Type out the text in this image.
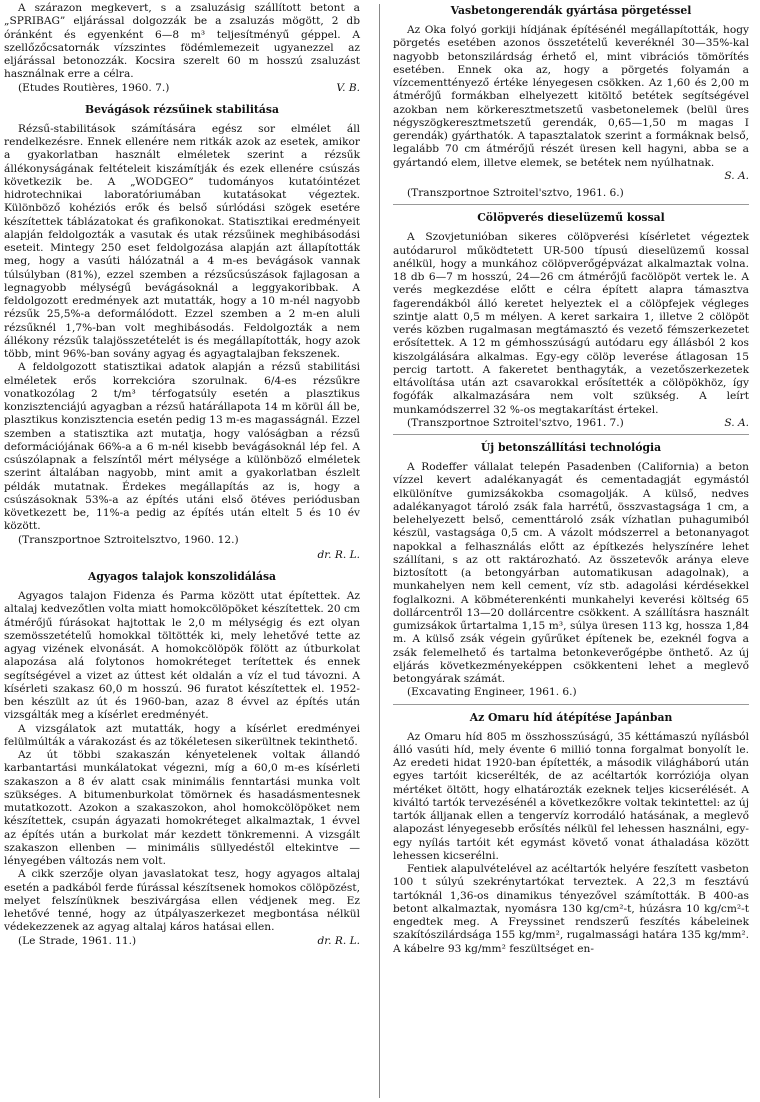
A szárazon megkevert, s a zsaluzásig szállított betont a „SPRIBAG” eljárással dolgozzák be a zsaluzás mögött, 2 db óránként és egyenként 6—8 m³ teljesítményű géppel. A szellőzőcsatornák vízszintes födémlemezeit ugyanezzel az eljárással betonozzák. Kocsira szerelt 60 m hosszú zsaluzást használnak erre a célra.

(Etudes Routières, 1960. 7.)	V. B.
Bevágások rézsűinek stabilitása

Rézsű-stabilitások számítására egész sor elmélet áll rendelkezésre. Ennek ellenére nem ritkák azok az esetek, amikor a gyakorlatban használt elméletek szerint a rézsűk állékonyságának feltételeit kiszámítják és ezek ellenére csúszás következik be. A „WODGEO” tudományos kutatóintézet hidrotechnikai laboratóriumában kutatásokat végeztek. Különböző kohéziós erők és belső súrlódási szögek esetére készítettek táblázatokat és grafikonokat. Statisztikai eredményeit alapján feldolgozták a vasutak és utak rézsűinek meghibásodási eseteit. Mintegy 250 eset feldolgozása alapján azt állapították meg, hogy a vasúti hálózatnál a 4 m-es bevágások vannak túlsúlyban (81%), ezzel szemben a rézsűcsúszások fajlagosan a legnagyobb mélységű bevágásoknál a leggyakoribbak. A feldolgozott eredmények azt mutatták, hogy a 10 m-nél nagyobb rézsűk 25,5%-a deformálódott. Ezzel szemben a 2 m-en aluli rézsűknél 1,7%-ban volt meghibásodás. Feldolgozták a nem állékony rézsűk talajösszetételét is és megállapították, hogy azok több, mint 96%-ban sovány agyag és agyagtalajban fekszenek.

A feldolgozott statisztikai adatok alapján a rézsű stabilitási elméletek erős korrekcióra szorulnak. 6/4-es rézsűkre vonatkozólag 2 t/m³ térfogatsúly esetén a plasztikus konzisztenciájú agyagban a rézsű határállapota 14 m körül áll be, plasztikus konzisztencia esetén pedig 13 m-es magasságnál. Ezzel szemben a statisztika azt mutatja, hogy valóságban a rézsű deformációjának 66%-a a 6 m-nél kisebb bevágásoknál lép fel. A csúszólapnak a felszíntől mért mélysége a különböző elméletek szerint általában nagyobb, mint amit a gyakorlatban észlelt példák mutatnak. Érdekes megállapítás az is, hogy a csúszásoknak 53%-a az építés utáni első ötéves periódusban következett be, 11%-a pedig az építés után eltelt 5 és 10 év között.

(Transzportnoe Sztroitelsztvo, 1960. 12.)

dr. R. L.
Agyagos talajok konszolidálása

Agyagos talajon Fidenza és Parma között utat építettek. Az altalaj kedvezőtlen volta miatt homokcölöpöket készítettek. 20 cm átmérőjű fúrásokat hajtottak le 2,0 m mélységig és ezt olyan szemösszetételű homokkal töltötték ki, mely lehetővé tette az agyag vizének elvonását. A homokcölöpök fölött az útburkolat alapozása alá folytonos homokréteget terítettek és ennek segítségével a vizet az úttest két oldalán a víz el tud távozni. A kísérleti szakasz 60,0 m hosszú. 96 furatot készítettek el. 1952-ben készült az út és 1960-ban, azaz 8 évvel az építés után vizsgálták meg a kísérlet eredményét.

A vizsgálatok azt mutatták, hogy a kísérlet eredményei felülmúlták a várakozást és az tökéletesen sikerültnek tekinthető.

Az út többi szakaszán kényetelenek voltak állandó karbantartási munkálatokat végezni, míg a 60,0 m-es kísérleti szakaszon a 8 év alatt csak minimális fenntartási munka volt szükséges. A bitumenburkolat tömörnek és hasadásmentesnek mutatkozott. Azokon a szakaszokon, ahol homokcölöpöket nem készítettek, csupán ágyazati homokréteget alkalmaztak, 1 évvel az építés után a burkolat már kezdett tönkremenni. A vizsgált szakaszon ellenben — minimális süllyedéstől eltekintve — lényegében változás nem volt.

A cikk szerzője olyan javaslatokat tesz, hogy agyagos altalaj esetén a padkából ferde fúrással készítsenek homokos cölöpözést, melyet felszínüknek beszivárgása ellen védjenek meg. Ez lehetővé tenné, hogy az útpályaszerkezet megbontása nélkül védekezzenek az agyag altalaj káros hatásai ellen.

(Le Strade, 1961. 11.)	dr. R. L.
Vasbetongerendák gyártása pörgetéssel

Az Oka folyó gorkiji hídjának építésénél megállapították, hogy pörgetés esetében azonos összetételű keveréknél 30—35%-kal nagyobb betonszilárdság érhető el, mint vibrációs tömörítés esetében. Ennek oka az, hogy a pörgetés folyamán a vízcementtényező értéke lényegesen csökken. Az 1,60 és 2,00 m átmérőjű formákban elhelyezett kitöltő betétek segítségével azokban nem körkeresztmetszetű vasbetonelemek (belül üres négyszögkeresztmetszetű gerendák, 0,65—1,50 m magas I gerendák) gyárthatók. A tapasztalatok szerint a formáknak belső, legalább 70 cm átmérőjű részét üresen kell hagyni, abba se a gyártandó elem, illetve elemek, se betétek nem nyúlhatnak.

S. A.

(Transzportnoe Sztroitel'sztvo, 1961. 6.)

Cölöpverés dieselüzemű kossal

A Szovjetunióban sikeres cölöpverési kísérletet végeztek autódarurol működtetett UR-500 típusú dieselüzemű kossal anélkül, hogy a munkához cölöpverőgépvázat alkalmaztak volna. 18 db 6—7 m hosszú, 24—26 cm átmérőjű facölöpöt vertek le. A verés megkezdése előtt e célra épített alapra támasztva fagerendákból álló keretet helyeztek el a cölöpfejek végleges szintje alatt 0,5 m mélyen. A keret sarkaira 1, illetve 2 cölöpöt verés közben rugalmasan megtámasztó és vezető fémszerkezetet erősítettek. A 12 m gémhosszúságú autódaru egy állásból 2 kos kiszolgálására alkalmas. Egy-egy cölöp leverése átlagosan 15 percig tartott. A fakeretet benthagyták, a vezetőszerkezetek eltávolítása után azt csavarokkal erősítették a cölöpökhöz, így fogófák alkalmazására nem volt szükség. A leírt munkamódszerrel 32 %-os megtakarítást értekel.

(Transzportnoe Sztroitel'sztvo, 1961. 7.)	S. A.
Új betonszállítási technológia

A Rodeffer vállalat telepén Pasadenben (California) a beton vízzel kevert adalékanyagát és cementadagját egymástól elkülönítve gumizsákokba csomagolják. A külső, nedves adalékanyagot tároló zsák fala harrétű, összvastagsága 1 cm, a belehelyezett belső, cementtároló zsák vízhatlan puhagumiból készül, vastagsága 0,5 cm. A vázolt módszerrel a betonanyagot napokkal a felhasználás előtt az építkezés helyszínére lehet szállítani, s az ott raktározható. Az összetevők aránya eleve biztosított (a betongyárban automatikusan adagolnak), a munkahelyen nem kell cement, víz stb. adagolási kérdésekkel foglalkozni. A köbméterenkénti munkahelyi keverési költség 65 dollárcentről 13—20 dollárcentre csökkent. A szállításra használt gumizsákok űrtartalma 1,15 m³, súlya üresen 113 kg, hossza 1,84 m. A külső zsák végein gyűrűket építenek be, ezeknél fogva a zsák felemelhető és tartalma betonkeverőgépbe önthető. Az új eljárás következményeképpen csökkenteni lehet a meglevő betongyárak számát.

(Excavating Engineer, 1961. 6.)

Az Omaru híd átépítése Japánban

Az Omaru híd 805 m összhosszúságú, 35 kéttámaszú nyílásból álló vasúti híd, mely évente 6 millió tonna forgalmat bonyolít le. Az eredeti hidat 1920-ban építették, a második világháború után egyes tartóit kicserélték, de az acéltartók korróziója olyan mértéket öltött, hogy elhatározták ezeknek teljes kicserélését. A kiváltó tartók tervezésénél a következőkre voltak tekintettel: az új tartók álljanak ellen a tengervíz korrodáló hatásának, a meglevő alapozást lényegesebb erősítés nélkül fel lehessen használni, egy-egy nyílás tartóit két egymást követő vonat áthaladása között lehessen kicserélni.

Fentiek alapulvételével az acéltartók helyére feszített vasbeton 100 t súlyú szekrénytartókat terveztek. A 22,3 m fesztávú tartóknál 1,36-os dinamikus tényezővel számították. B 400-as betont alkalmaztak, nyomásra 130 kg/cm²-t, húzásra 10 kg/cm²-t engedtek meg. A Freyssinet rendszerű feszítés kábeleinek szakítószilárdsága 155 kg/mm², rugalmassági határa 135 kg/mm². A kábelre 93 kg/mm² feszültséget en-
